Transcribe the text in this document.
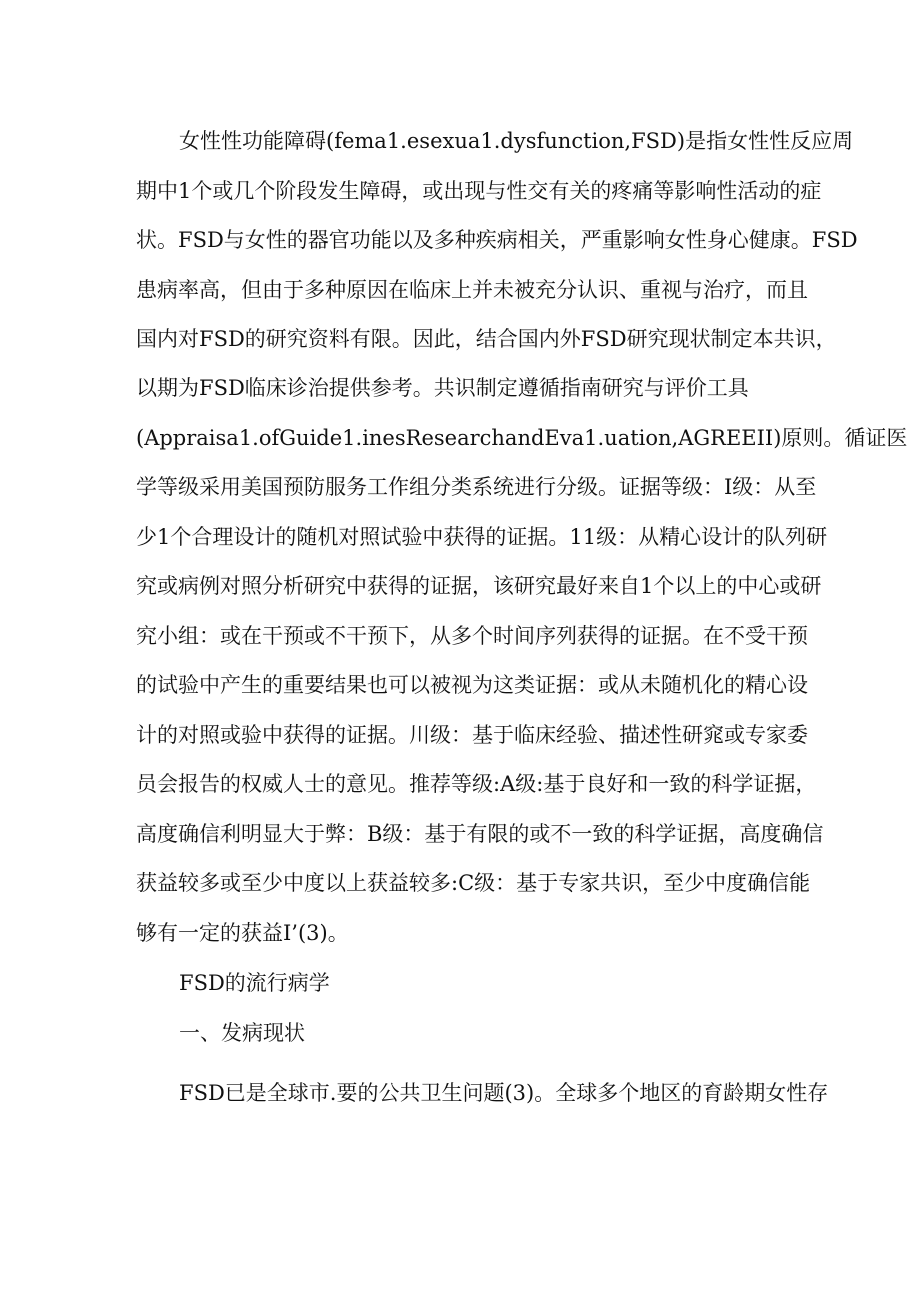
女性性功能障碍(fema1.esexua1.dysfunction,FSD)是指女性性反应周
期中1个或几个阶段发生障碍，或出现与性交有关的疼痛等影响性活动的症
状。FSD与女性的器官功能以及多种疾病相关，严重影响女性身心健康。FSD
患病率高，但由于多种原因在临床上并未被充分认识、重视与治疗，而且
国内对FSD的研究资料有限。因此，结合国内外FSD研究现状制定本共识，
以期为FSD临床诊治提供参考。共识制定遵循指南研究与评价工具
(Appraisa1.ofGuide1.inesResearchandEva1.uation,AGREEII)原则。循证医
学等级采用美国预防服务工作组分类系统进行分级。证据等级：I级：从至
少1个合理设计的随机对照试验中获得的证据。11级：从精心设计的队列研
究或病例对照分析研究中获得的证据，该研究最好来自1个以上的中心或研
究小组：或在干预或不干预下，从多个时间序列获得的证据。在不受干预
的试验中产生的重要结果也可以被视为这类证据：或从未随机化的精心设
计的对照或验中获得的证据。川级：基于临床经验、描述性研窕或专家委
员会报告的权威人士的意见。推荐等级:A级:基于良好和一致的科学证据，
高度确信利明显大于弊：B级：基于有限的或不一致的科学证据，高度确信
获益较多或至少中度以上获益较多:C级：基于专家共识，至少中度确信能
够有一定的获益I’(3)。
FSD的流行病学
一、发病现状
FSD已是全球市.要的公共卫生问题(3)。全球多个地区的育龄期女性存
